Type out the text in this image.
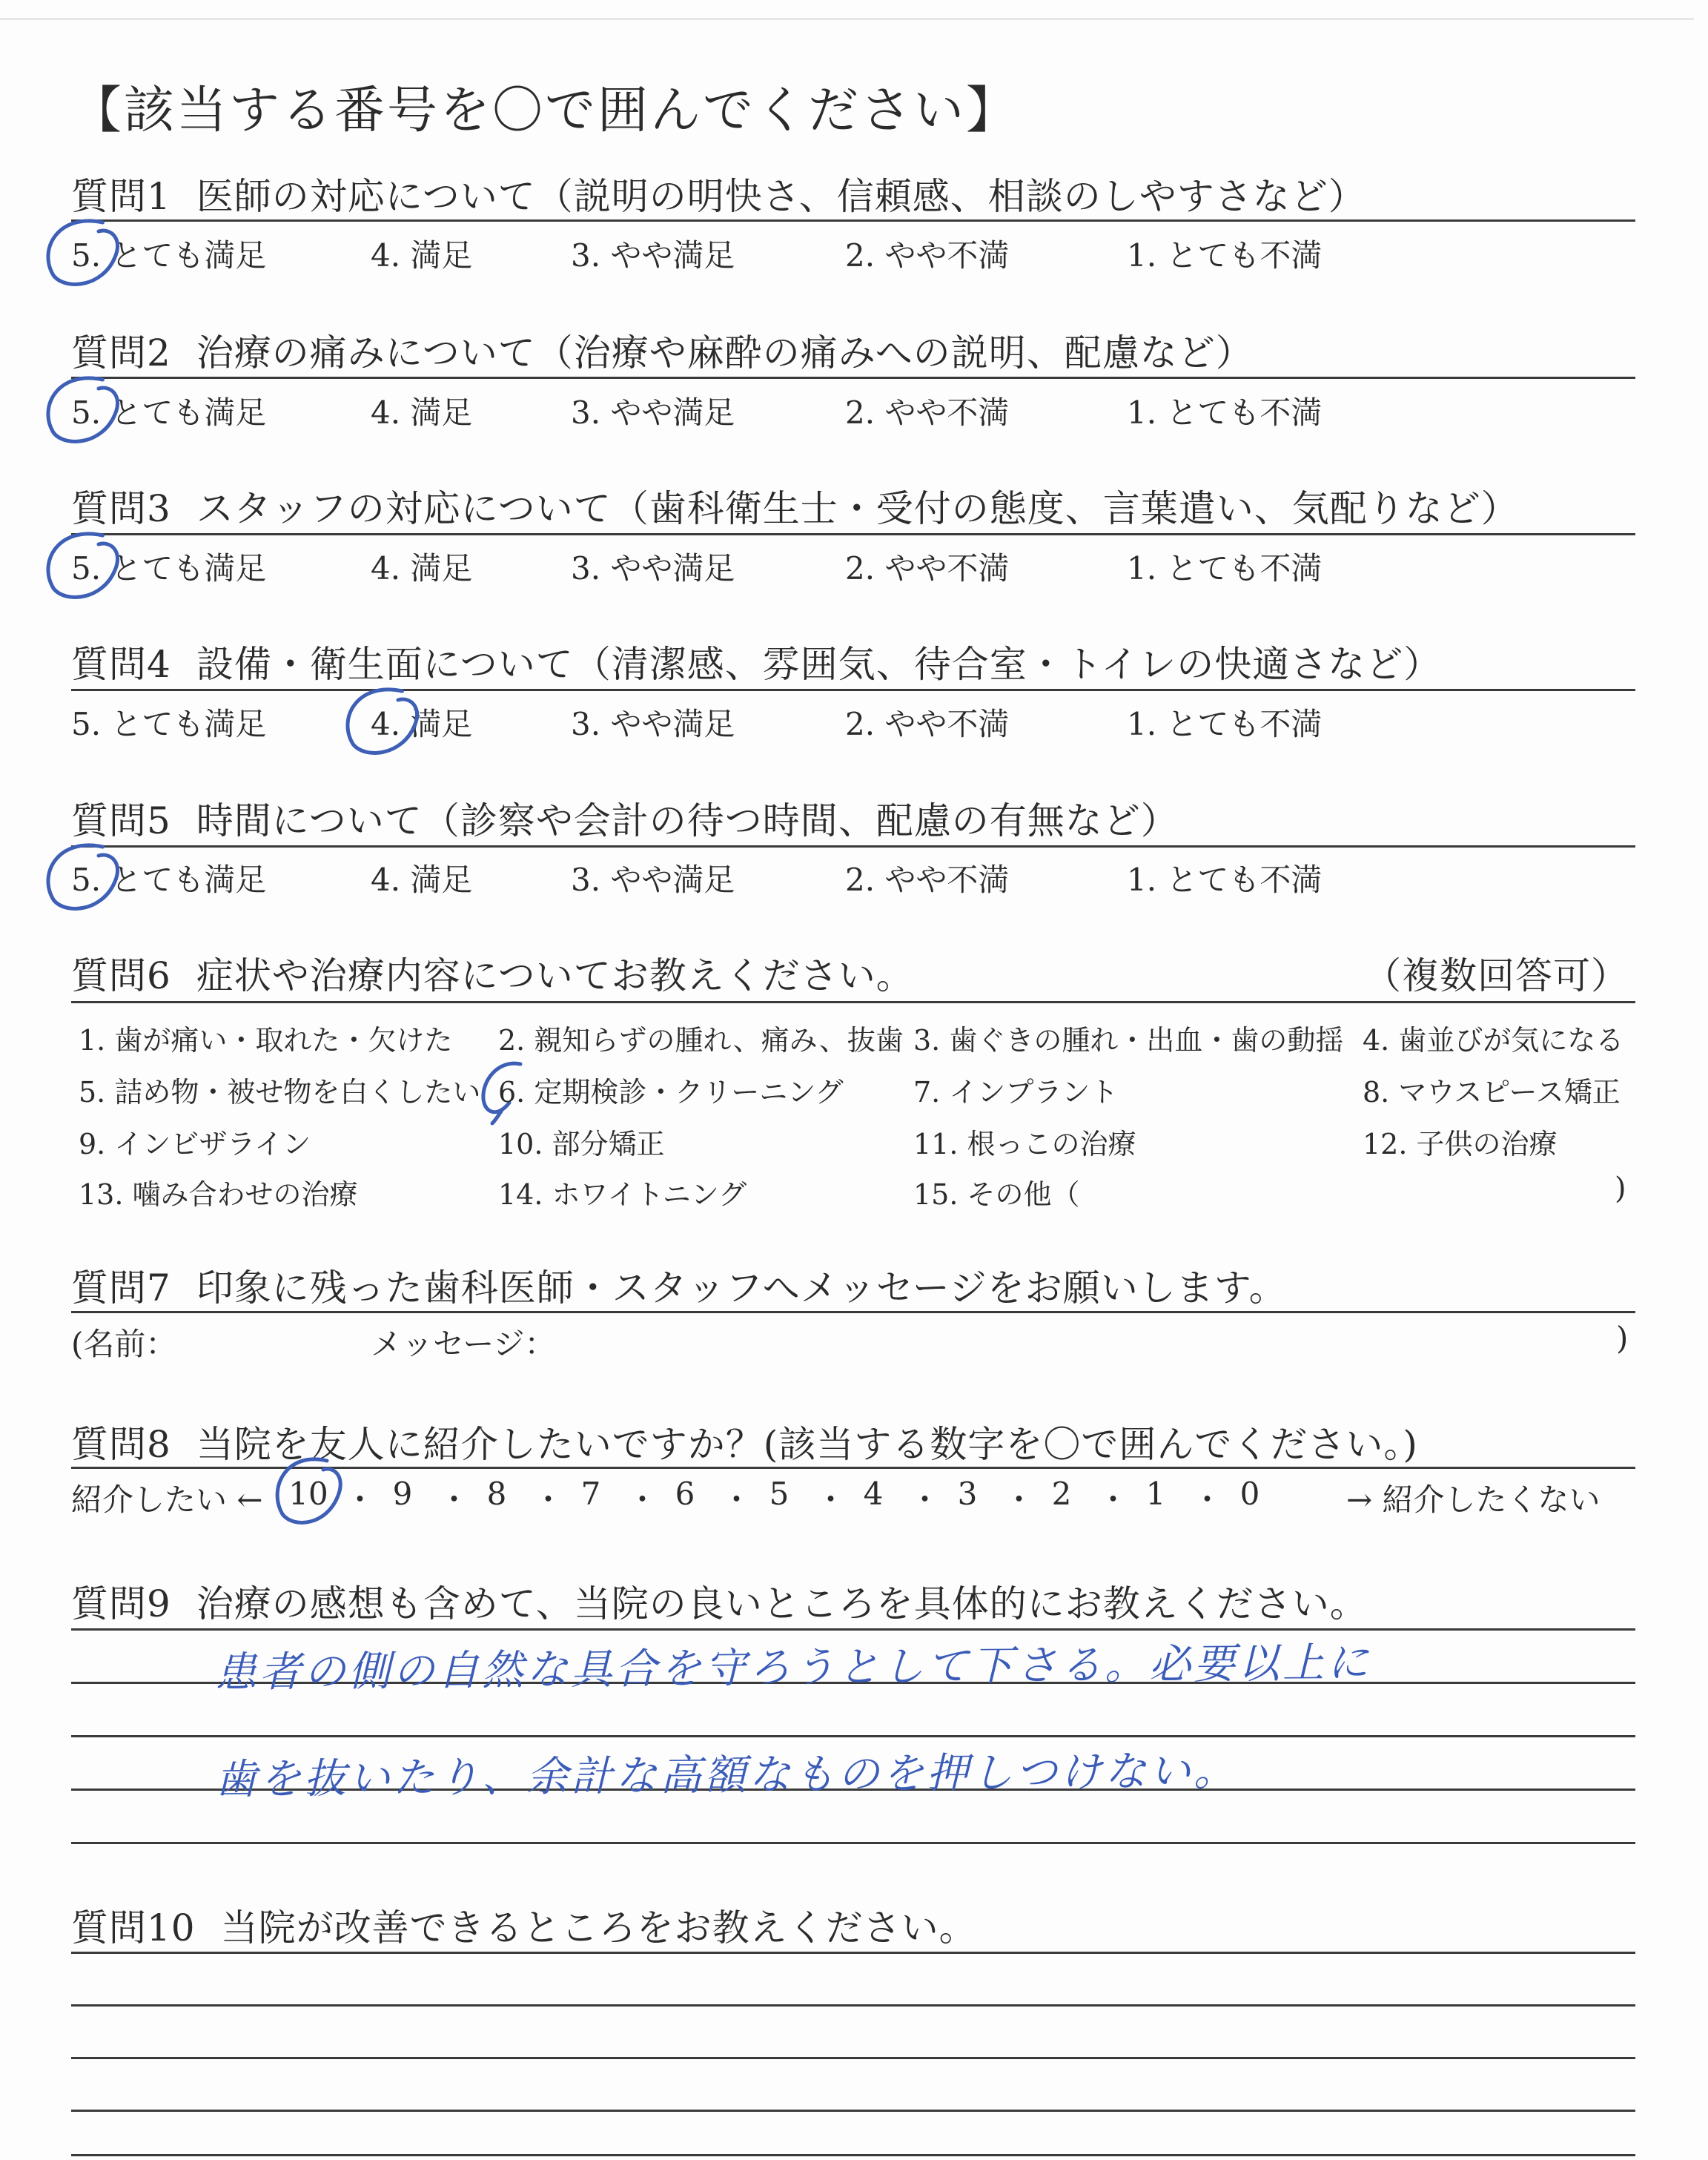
【該当する番号を〇で囲んでください】
質問1 医師の対応について（説明の明快さ、信頼感、相談のしやすさなど）
質問2 治療の痛みについて（治療や麻酔の痛みへの説明、配慮など）
質問3 スタッフの対応について（歯科衛生士・受付の態度、言葉遣い、気配りなど）
質問4 設備・衛生面について（清潔感、雰囲気、待合室・トイレの快適さなど）
質問5 時間について（診察や会計の待つ時間、配慮の有無など）
質問6 症状や治療内容についてお教えください。	（複数回答可）
1. 歯が痛い・取れた・欠けた 2. 親知らずの腫れ、痛み、抜歯 3. 歯ぐきの腫れ・出血・歯の動揺 4. 歯並びが気になる
5. 詰め物・被せ物を白くしたい 6. 定期検診・クリーニング 7. インプラント	8. マウスピース矯正
9. インビザライン	10. 部分矯正	11. 根っこの治療	12. 子供の治療
13. 噛み合わせの治療	14. ホワイトニング	15. その他（	)
質問7 印象に残った歯科医師・スタッフへメッセージをお願いします。
(名前：	メッセージ：	)
質問8 当院を友人に紹介したいですか？(該当する数字を〇で囲んでください。)
紹介したい ←	→ 紹介したくない
10 ・ 9 ・ 8 ・ 7 ・ 6 ・ 5 ・ 4 ・ 3 ・ 2 ・ 1 ・ 0
質問9 治療の感想も含めて、当院の良いところを具体的にお教えください。
患者の側の自然な具合を守ろうとして下さる。必要以上に
歯を抜いたり、余計な高額なものを押しつけない。
質問10 当院が改善できるところをお教えください。
5. とても満足	4. 満足	3. やや満足	2. やや不満	1. とても不満
5. とても満足	4. 満足	3. やや満足	2. やや不満	1. とても不満
5. とても満足	4. 満足	3. やや満足	2. やや不満	1. とても不満
5. とても満足	4. 満足	3. やや満足	2. やや不満	1. とても不満
5. とても満足	4. 満足	3. やや満足	2. やや不満	1. とても不満
